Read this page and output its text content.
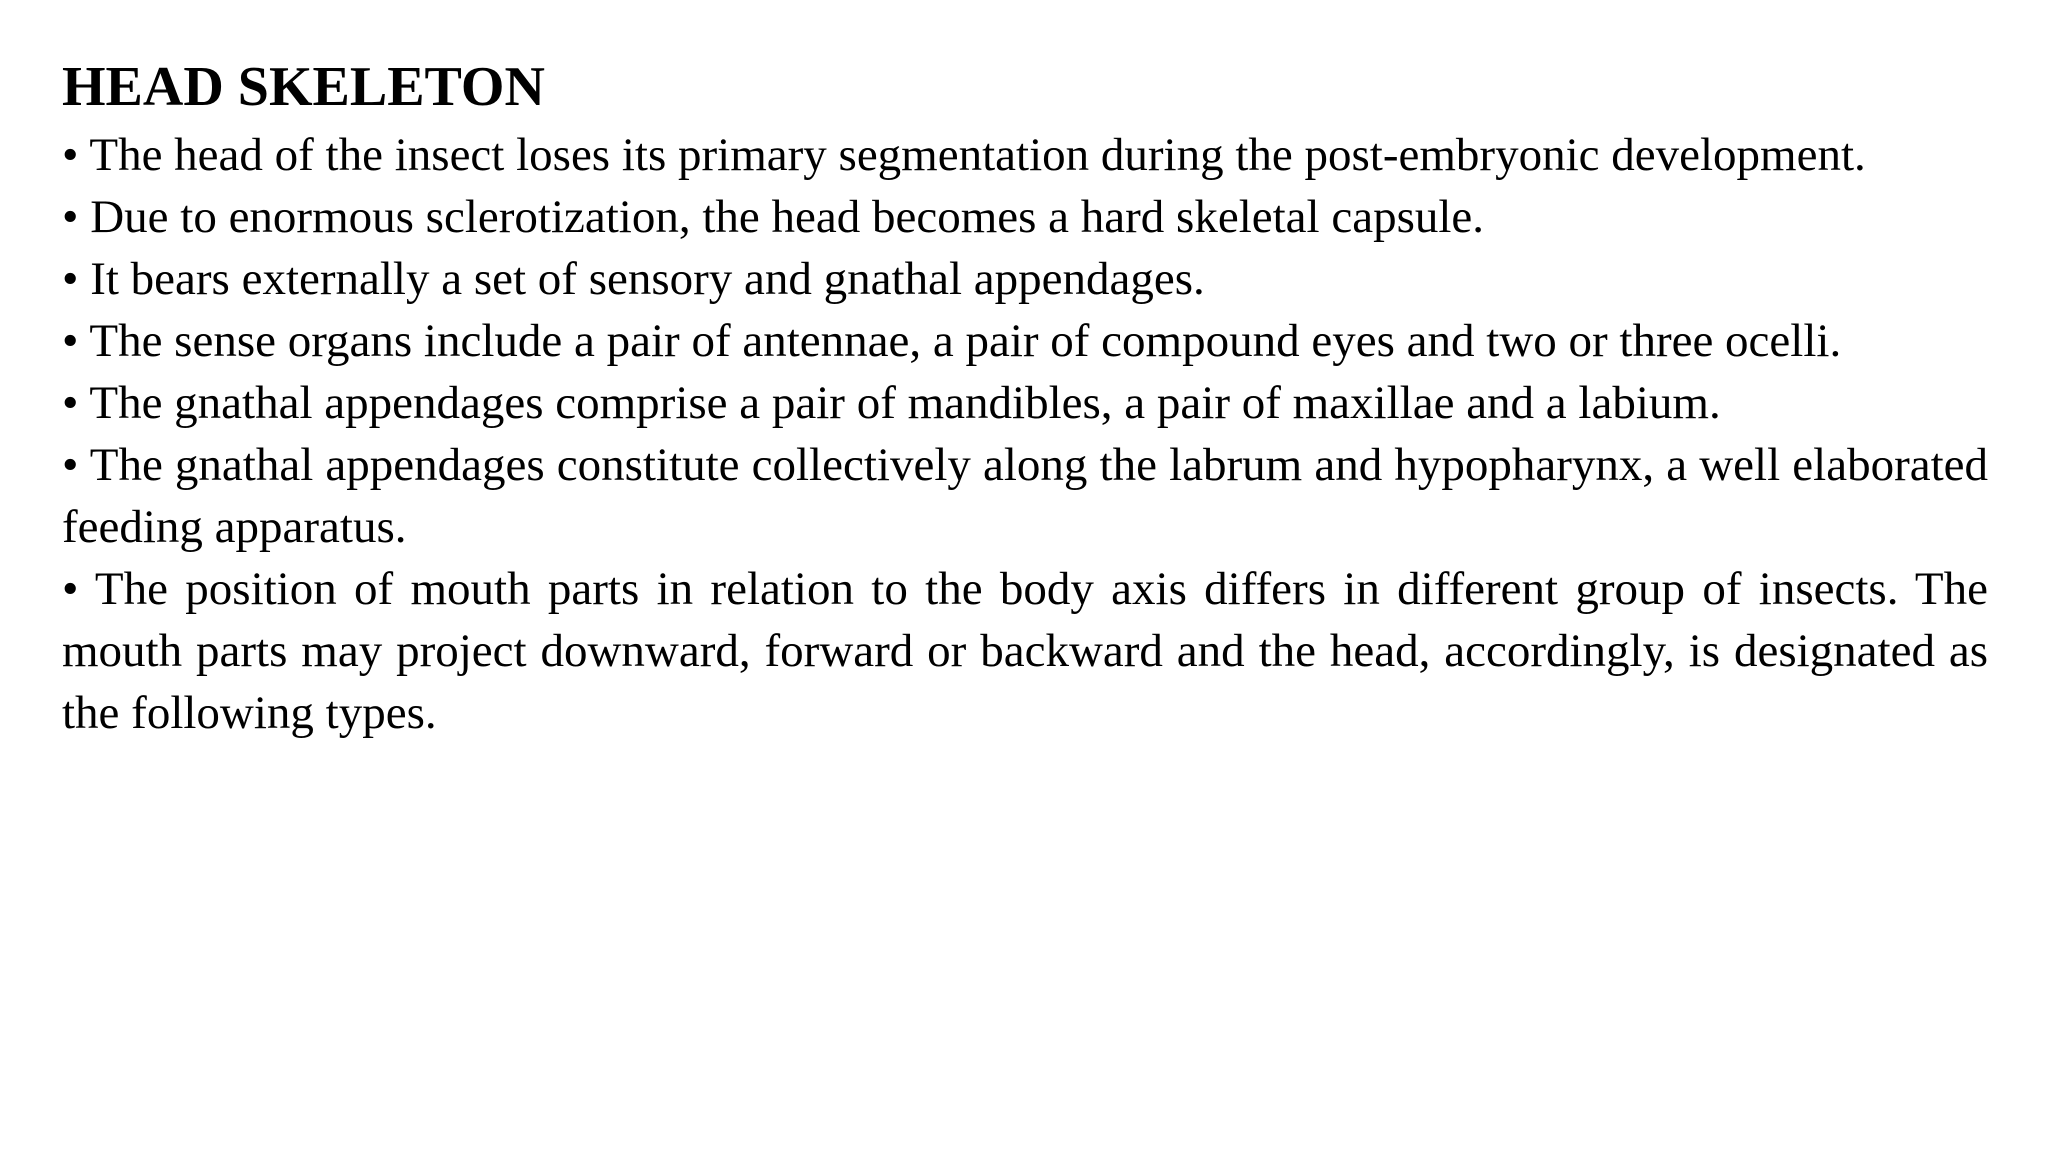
HEAD SKELETON
• The head of the insect loses its primary segmentation during the post-embryonic development.
• Due to enormous sclerotization, the head becomes a hard skeletal capsule.
• It bears externally a set of sensory and gnathal appendages.
• The sense organs include a pair of antennae, a pair of compound eyes and two or three ocelli.
• The gnathal appendages comprise a pair of mandibles, a pair of maxillae and a labium.
• The gnathal appendages constitute collectively along the labrum and hypopharynx, a well elaborated feeding apparatus.
• The position of mouth parts in relation to the body axis differs in different group of insects. The mouth parts may project downward, forward or backward and the head, accordingly, is designated as the following types.
